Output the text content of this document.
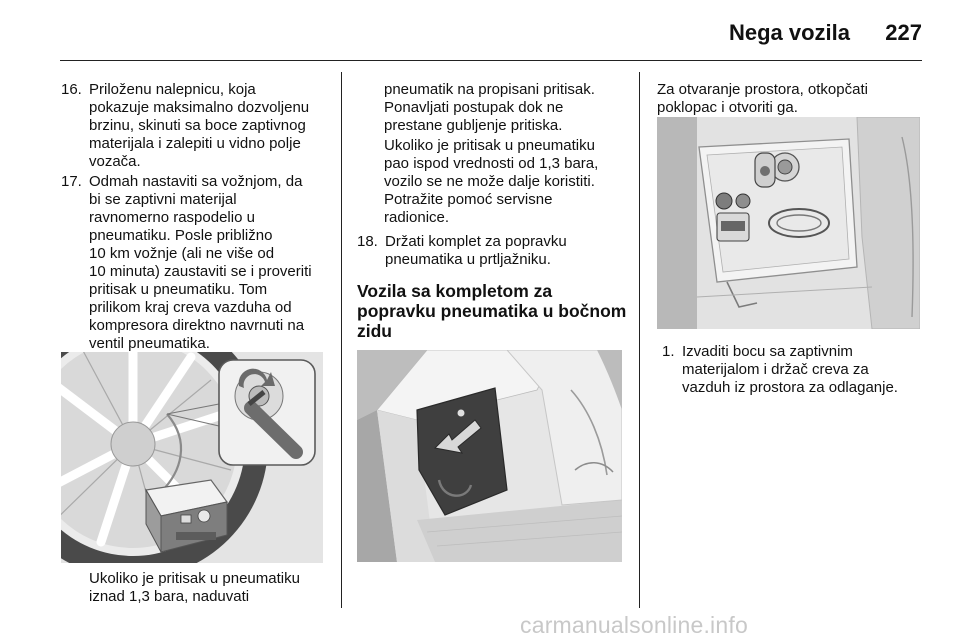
Nega vozila	227
16. Priloženu nalepnicu, koja
pokazuje maksimalno dozvoljenu
brzinu, skinuti sa boce zaptivnog
materijala i zalepiti u vidno polje
vozača.
17. Odmah nastaviti sa vožnjom, da
bi se zaptivni materijal
ravnomerno raspodelio u
pneumatiku. Posle približno
10 km vožnje (ali ne više od
10 minuta) zaustaviti se i proveriti
pritisak u pneumatiku. Tom
prilikom kraj creva vazduha od
kompresora direktno navrnuti na
ventil pneumatika.
Ukoliko je pritisak u pneumatiku
iznad 1,3 bara, naduvati
pneumatik na propisani pritisak.
Ponavljati postupak dok ne
prestane gubljenje pritiska.
Ukoliko je pritisak u pneumatiku
pao ispod vrednosti od 1,3 bara,
vozilo se ne može dalje koristiti.
Potražite pomoć servisne
radionice.
18. Držati komplet za popravku
pneumatika u prtljažniku.
Vozila sa kompletom za
popravku pneumatika u bočnom
zidu
Za otvaranje prostora, otkopčati
poklopac i otvoriti ga.
1. Izvaditi bocu sa zaptivnim
materijalom i držač creva za
vazduh iz prostora za odlaganje.
carmanualsonline.info
